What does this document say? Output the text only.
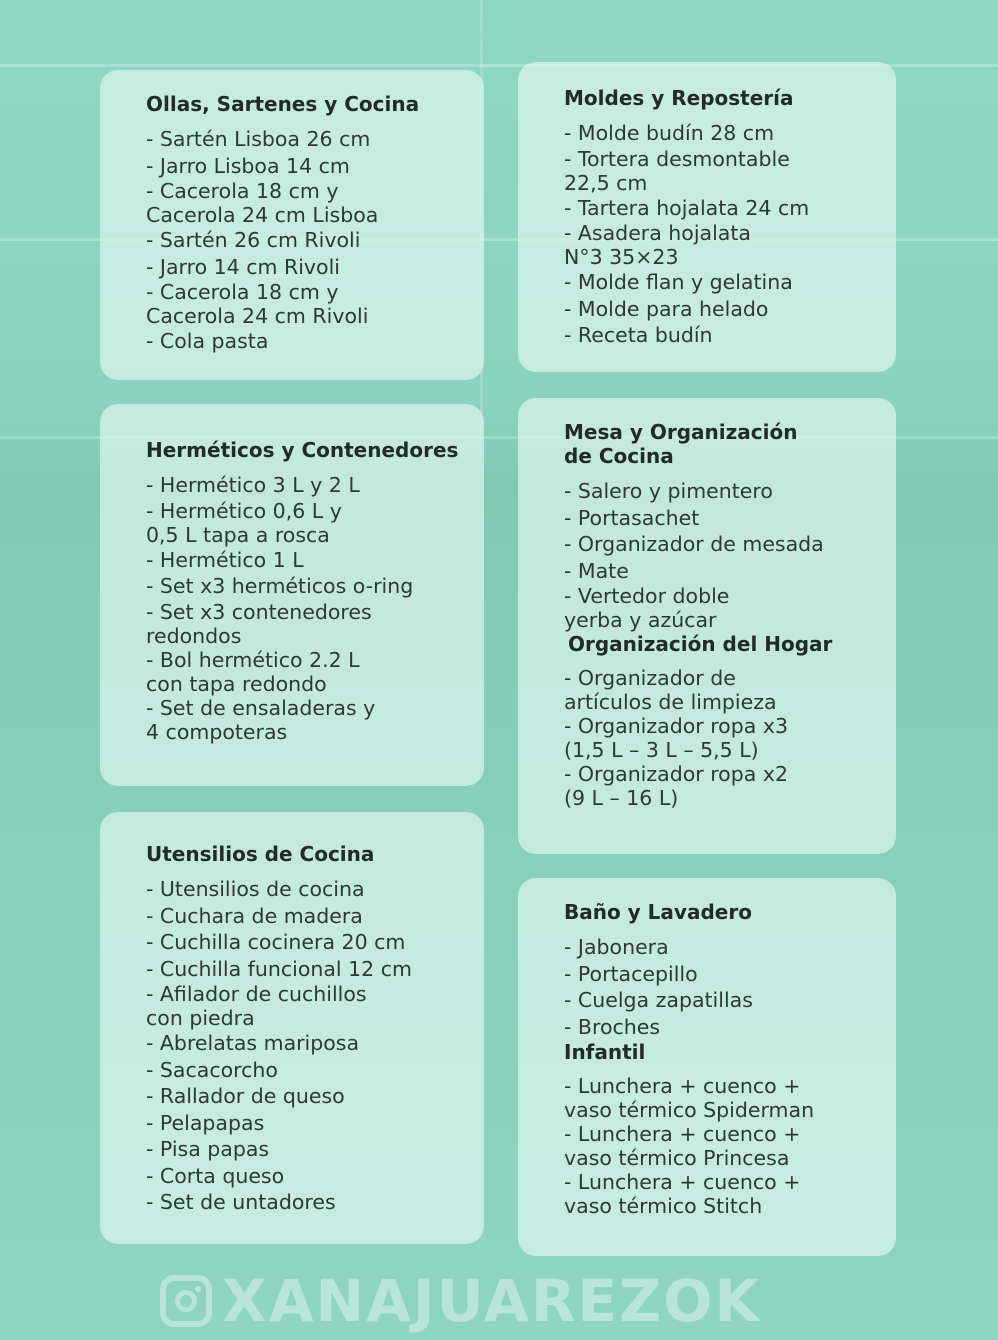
Ollas, Sartenes y Cocina
- Sartén Lisboa 26 cm
- Jarro Lisboa 14 cm
- Cacerola 18 cm y
Cacerola 24 cm Lisboa
- Sartén 26 cm Rivoli
- Jarro 14 cm Rivoli
- Cacerola 18 cm y
Cacerola 24 cm Rivoli
- Cola pasta
Moldes y Repostería
- Molde budín 28 cm
- Tortera desmontable
22,5 cm
- Tartera hojalata 24 cm
- Asadera hojalata
N°3 35×23
- Molde flan y gelatina
- Molde para helado
- Receta budín
Herméticos y Contenedores
- Hermético 3 L y 2 L
- Hermético 0,6 L y
0,5 L tapa a rosca
- Hermético 1 L
- Set x3 herméticos o-ring
- Set x3 contenedores
redondos
- Bol hermético 2.2 L
con tapa redondo
- Set de ensaladeras y
4 compoteras
Mesa y Organización
de Cocina
- Salero y pimentero
- Portasachet
- Organizador de mesada
- Mate
- Vertedor doble
yerba y azúcar
Organización del Hogar
- Organizador de
artículos de limpieza
- Organizador ropa x3
(1,5 L – 3 L – 5,5 L)
- Organizador ropa x2
(9 L – 16 L)
Utensilios de Cocina
- Utensilios de cocina
- Cuchara de madera
- Cuchilla cocinera 20 cm
- Cuchilla funcional 12 cm
- Afilador de cuchillos
con piedra
- Abrelatas mariposa
- Sacacorcho
- Rallador de queso
- Pelapapas
- Pisa papas
- Corta queso
- Set de untadores
Baño y Lavadero
- Jabonera
- Portacepillo
- Cuelga zapatillas
- Broches
Infantil
- Lunchera + cuenco +
vaso térmico Spiderman
- Lunchera + cuenco +
vaso térmico Princesa
- Lunchera + cuenco +
vaso térmico Stitch
XANAJUAREZOK
